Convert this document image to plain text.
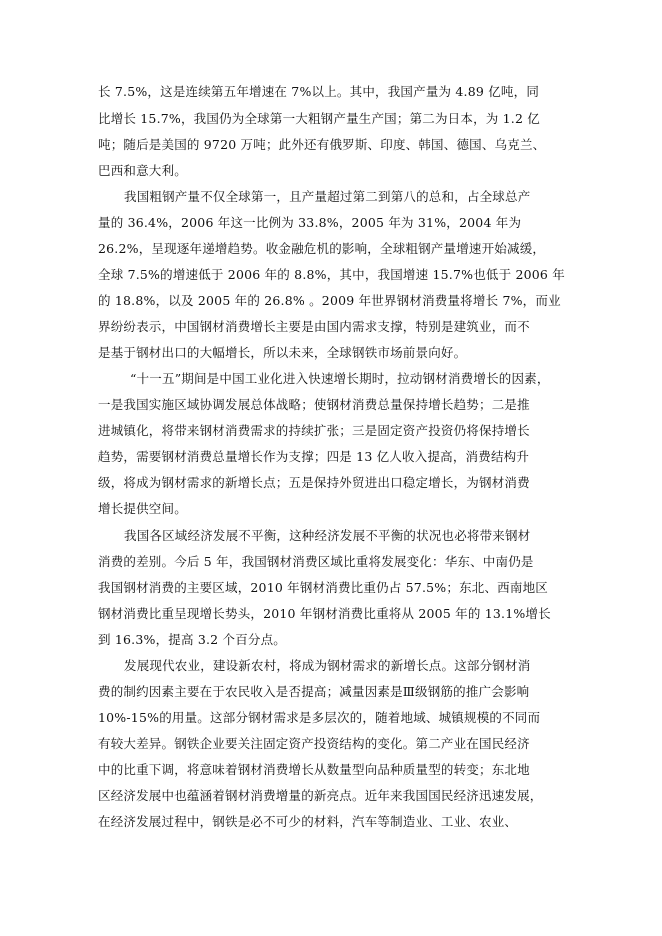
长 7.5%，这是连续第五年增速在 7%以上。其中，我国产量为 4.89 亿吨，同
比增长 15.7%，我国仍为全球第一大粗钢产量生产国；第二为日本，为 1.2 亿
吨；随后是美国的 9720 万吨；此外还有俄罗斯、印度、韩国、德国、乌克兰、
巴西和意大利。
我国粗钢产量不仅全球第一，且产量超过第二到第八的总和，占全球总产
量的 36.4%，2006 年这一比例为 33.8%，2005 年为 31%，2004 年为
26.2%，呈现逐年递增趋势。收金融危机的影响，全球粗钢产量增速开始减缓，
全球 7.5%的增速低于 2006 年的 8.8%，其中，我国增速 15.7%也低于 2006 年
的 18.8%，以及 2005 年的 26.8% 。2009 年世界钢材消费量将增长 7%，而业
界纷纷表示，中国钢材消费增长主要是由国内需求支撑，特别是建筑业，而不
是基于钢材出口的大幅增长，所以未来，全球钢铁市场前景向好。
“十一五”期间是中国工业化进入快速增长期时，拉动钢材消费增长的因素，
一是我国实施区域协调发展总体战略；使钢材消费总量保持增长趋势；二是推
进城镇化，将带来钢材消费需求的持续扩张；三是固定资产投资仍将保持增长
趋势，需要钢材消费总量增长作为支撑；四是 13 亿人收入提高，消费结构升
级，将成为钢材需求的新增长点；五是保持外贸进出口稳定增长，为钢材消费
增长提供空间。
我国各区域经济发展不平衡，这种经济发展不平衡的状况也必将带来钢材
消费的差别。今后 5 年，我国钢材消费区域比重将发展变化：华东、中南仍是
我国钢材消费的主要区域，2010 年钢材消费比重仍占 57.5%；东北、西南地区
钢材消费比重呈现增长势头，2010 年钢材消费比重将从 2005 年的 13.1%增长
到 16.3%，提高 3.2 个百分点。
发展现代农业，建设新农村，将成为钢材需求的新增长点。这部分钢材消
费的制约因素主要在于农民收入是否提高；减量因素是Ⅲ级钢筋的推广会影响
10%-15%的用量。这部分钢材需求是多层次的，随着地域、城镇规模的不同而
有较大差异。钢铁企业要关注固定资产投资结构的变化。第二产业在国民经济
中的比重下调，将意味着钢材消费增长从数量型向品种质量型的转变；东北地
区经济发展中也蕴涵着钢材消费增量的新亮点。近年来我国国民经济迅速发展，
在经济发展过程中，钢铁是必不可少的材料，汽车等制造业、工业、农业、
